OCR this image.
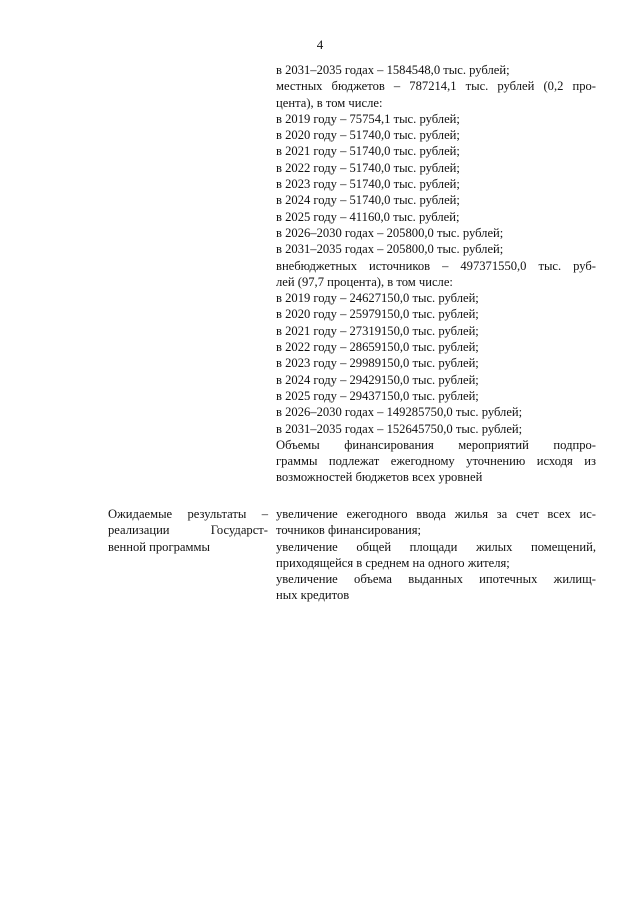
4
в 2031–2035 годах – 1584548,0 тыс. рублей;
местных бюджетов – 787214,1 тыс. рублей (0,2 про-
цента), в том числе:
в 2019 году – 75754,1 тыс. рублей;
в 2020 году – 51740,0 тыс. рублей;
в 2021 году – 51740,0 тыс. рублей;
в 2022 году – 51740,0 тыс. рублей;
в 2023 году – 51740,0 тыс. рублей;
в 2024 году – 51740,0 тыс. рублей;
в 2025 году – 41160,0 тыс. рублей;
в 2026–2030 годах – 205800,0 тыс. рублей;
в 2031–2035 годах – 205800,0 тыс. рублей;
внебюджетных источников – 497371550,0 тыс. руб-
лей (97,7 процента), в том числе:
в 2019 году – 24627150,0 тыс. рублей;
в 2020 году – 25979150,0 тыс. рублей;
в 2021 году – 27319150,0 тыс. рублей;
в 2022 году – 28659150,0 тыс. рублей;
в 2023 году – 29989150,0 тыс. рублей;
в 2024 году – 29429150,0 тыс. рублей;
в 2025 году – 29437150,0 тыс. рублей;
в 2026–2030 годах – 149285750,0 тыс. рублей;
в 2031–2035 годах – 152645750,0 тыс. рублей;
Объемы финансирования мероприятий подпро-
граммы подлежат ежегодному уточнению исходя из
возможностей бюджетов всех уровней
Ожидаемые результаты –
реализации Государст-
венной программы
увеличение ежегодного ввода жилья за счет всех ис-
точников финансирования;
увеличение общей площади жилых помещений,
приходящейся в среднем на одного жителя;
увеличение объема выданных ипотечных жилищ-
ных кредитов
